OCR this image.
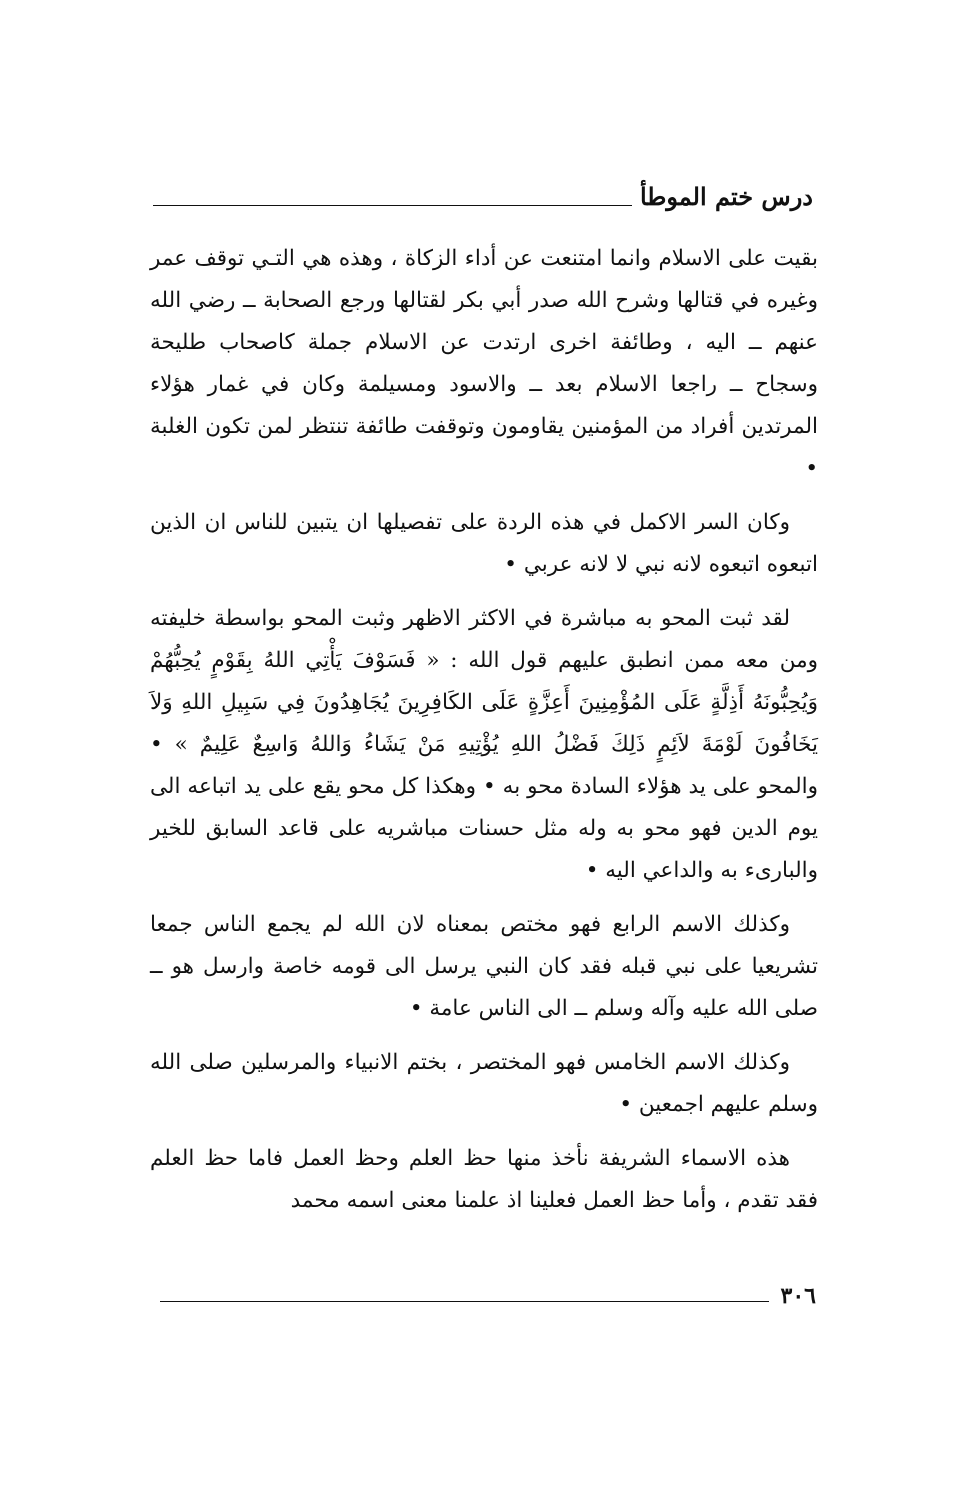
درس ختم الموطأ

بقيت على الاسلام وانما امتنعت عن أداء الزكاة ، وهذه هي التـي توقف عمر وغيره في قتالها وشرح الله صدر أبي بكر لقتالها ورجع الصحابة ــ رضي الله عنهم ــ اليه ، وطائفة اخرى ارتدت عن الاسلام جملة كاصحاب طليحة وسجاح ــ راجعا الاسلام بعد ــ والاسود ومسيلمة وكان في غمار هؤلاء المرتدين أفراد من المؤمنين يقاومون وتوقفت طائفة تنتظر لمن تكون الغلبة •

وكان السر الاكمل في هذه الردة على تفصيلها ان يتبين للناس ان الذين اتبعوه اتبعوه لانه نبي لا لانه عربي •

لقد ثبت المحو به مباشرة في الاكثر الاظهر وثبت المحو بواسطة خليفته ومن معه ممن انطبق عليهم قول الله : « فَسَوْفَ يَأْتِي اللهُ بِقَوْمٍ يُحِبُّهُمْ وَيُحِبُّونَهُ أَذِلَّةٍ عَلَى المُؤْمِنِينَ أَعِزَّةٍ عَلَى الكَافِرِينَ يُجَاهِدُونَ فِي سَبِيلِ اللهِ وَلاَ يَخَافُونَ لَوْمَةَ لاَئِمٍ ذَلِكَ فَضْلُ اللهِ يُؤْتِيهِ مَنْ يَشَاءُ وَاللهُ وَاسِعٌ عَلِيمٌ » • والمحو على يد هؤلاء السادة محو به • وهكذا كل محو يقع على يد اتباعه الى يوم الدين فهو محو به وله مثل حسنات مباشريه على قاعد السابق للخير والبارىء به والداعي اليه •

وكذلك الاسم الرابع فهو مختص بمعناه لان الله لم يجمع الناس جمعا تشريعيا على نبي قبله فقد كان النبي يرسل الى قومه خاصة وارسل هو ــ صلى الله عليه وآله وسلم ــ الى الناس عامة •

وكذلك الاسم الخامس فهو المختصر ، بختم الانبياء والمرسلين صلى الله وسلم عليهم اجمعين •

هذه الاسماء الشريفة نأخذ منها حظ العلم وحظ العمل فاما حظ العلم فقد تقدم ، وأما حظ العمل فعلينا اذ علمنا معنى اسمه محمد

٣٠٦
